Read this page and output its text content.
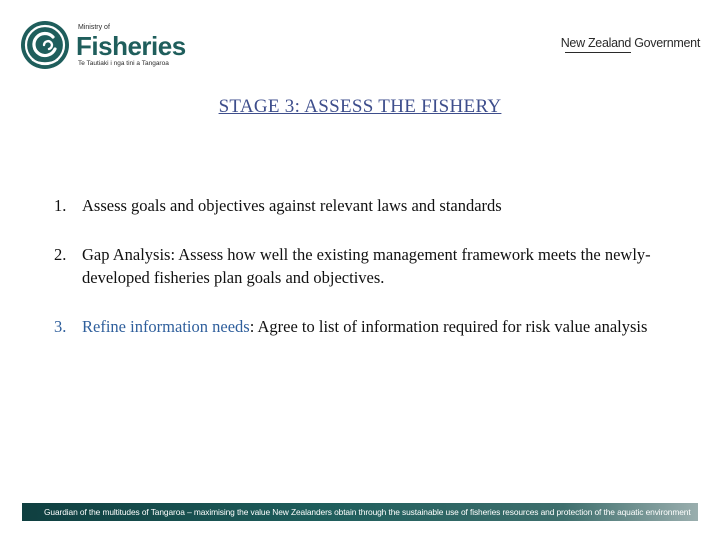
Ministry of
Fisheries
Te Tautiaki i nga tini a Tangaroa
New Zealand Government
STAGE 3: ASSESS THE FISHERY
1. Assess goals and objectives against relevant laws and standards
2. Gap Analysis: Assess how well the existing management framework meets the newly-developed fisheries plan goals and objectives.
3. Refine information needs: Agree to list of information required for risk value analysis
Guardian of the multitudes of Tangaroa – maximising the value New Zealanders obtain through the sustainable use of fisheries resources and protection of the aquatic environment
